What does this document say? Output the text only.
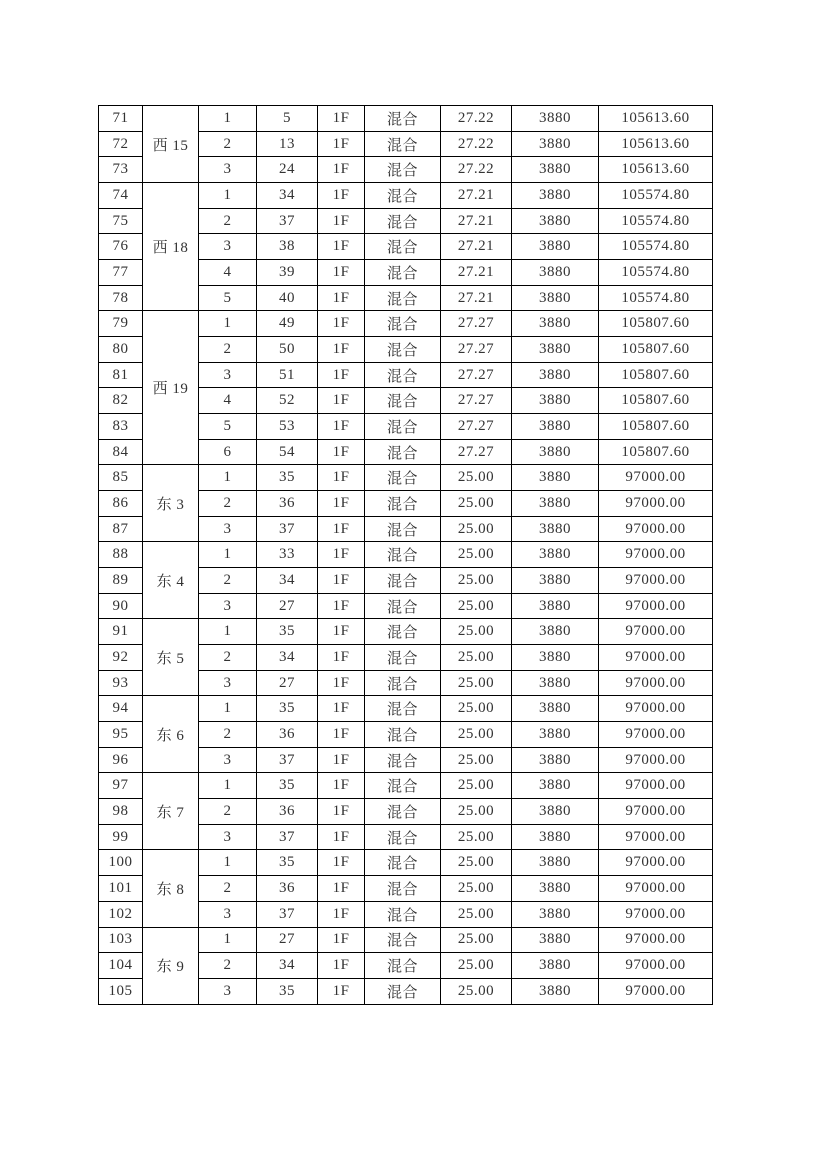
71	西 15	1	5	1F	混合	27.22	3880	105613.60
72		2	13	1F	混合	27.22	3880	105613.60
73		3	24	1F	混合	27.22	3880	105613.60
74	西 18	1	34	1F	混合	27.21	3880	105574.80
75		2	37	1F	混合	27.21	3880	105574.80
76		3	38	1F	混合	27.21	3880	105574.80
77		4	39	1F	混合	27.21	3880	105574.80
78		5	40	1F	混合	27.21	3880	105574.80
79	西 19	1	49	1F	混合	27.27	3880	105807.60
80		2	50	1F	混合	27.27	3880	105807.60
81		3	51	1F	混合	27.27	3880	105807.60
82		4	52	1F	混合	27.27	3880	105807.60
83		5	53	1F	混合	27.27	3880	105807.60
84		6	54	1F	混合	27.27	3880	105807.60
85	东 3	1	35	1F	混合	25.00	3880	97000.00
86		2	36	1F	混合	25.00	3880	97000.00
87		3	37	1F	混合	25.00	3880	97000.00
88	东 4	1	33	1F	混合	25.00	3880	97000.00
89		2	34	1F	混合	25.00	3880	97000.00
90		3	27	1F	混合	25.00	3880	97000.00
91	东 5	1	35	1F	混合	25.00	3880	97000.00
92		2	34	1F	混合	25.00	3880	97000.00
93		3	27	1F	混合	25.00	3880	97000.00
94	东 6	1	35	1F	混合	25.00	3880	97000.00
95		2	36	1F	混合	25.00	3880	97000.00
96		3	37	1F	混合	25.00	3880	97000.00
97	东 7	1	35	1F	混合	25.00	3880	97000.00
98		2	36	1F	混合	25.00	3880	97000.00
99		3	37	1F	混合	25.00	3880	97000.00
100	东 8	1	35	1F	混合	25.00	3880	97000.00
101		2	36	1F	混合	25.00	3880	97000.00
102		3	37	1F	混合	25.00	3880	97000.00
103	东 9	1	27	1F	混合	25.00	3880	97000.00
104		2	34	1F	混合	25.00	3880	97000.00
105		3	35	1F	混合	25.00	3880	97000.00
